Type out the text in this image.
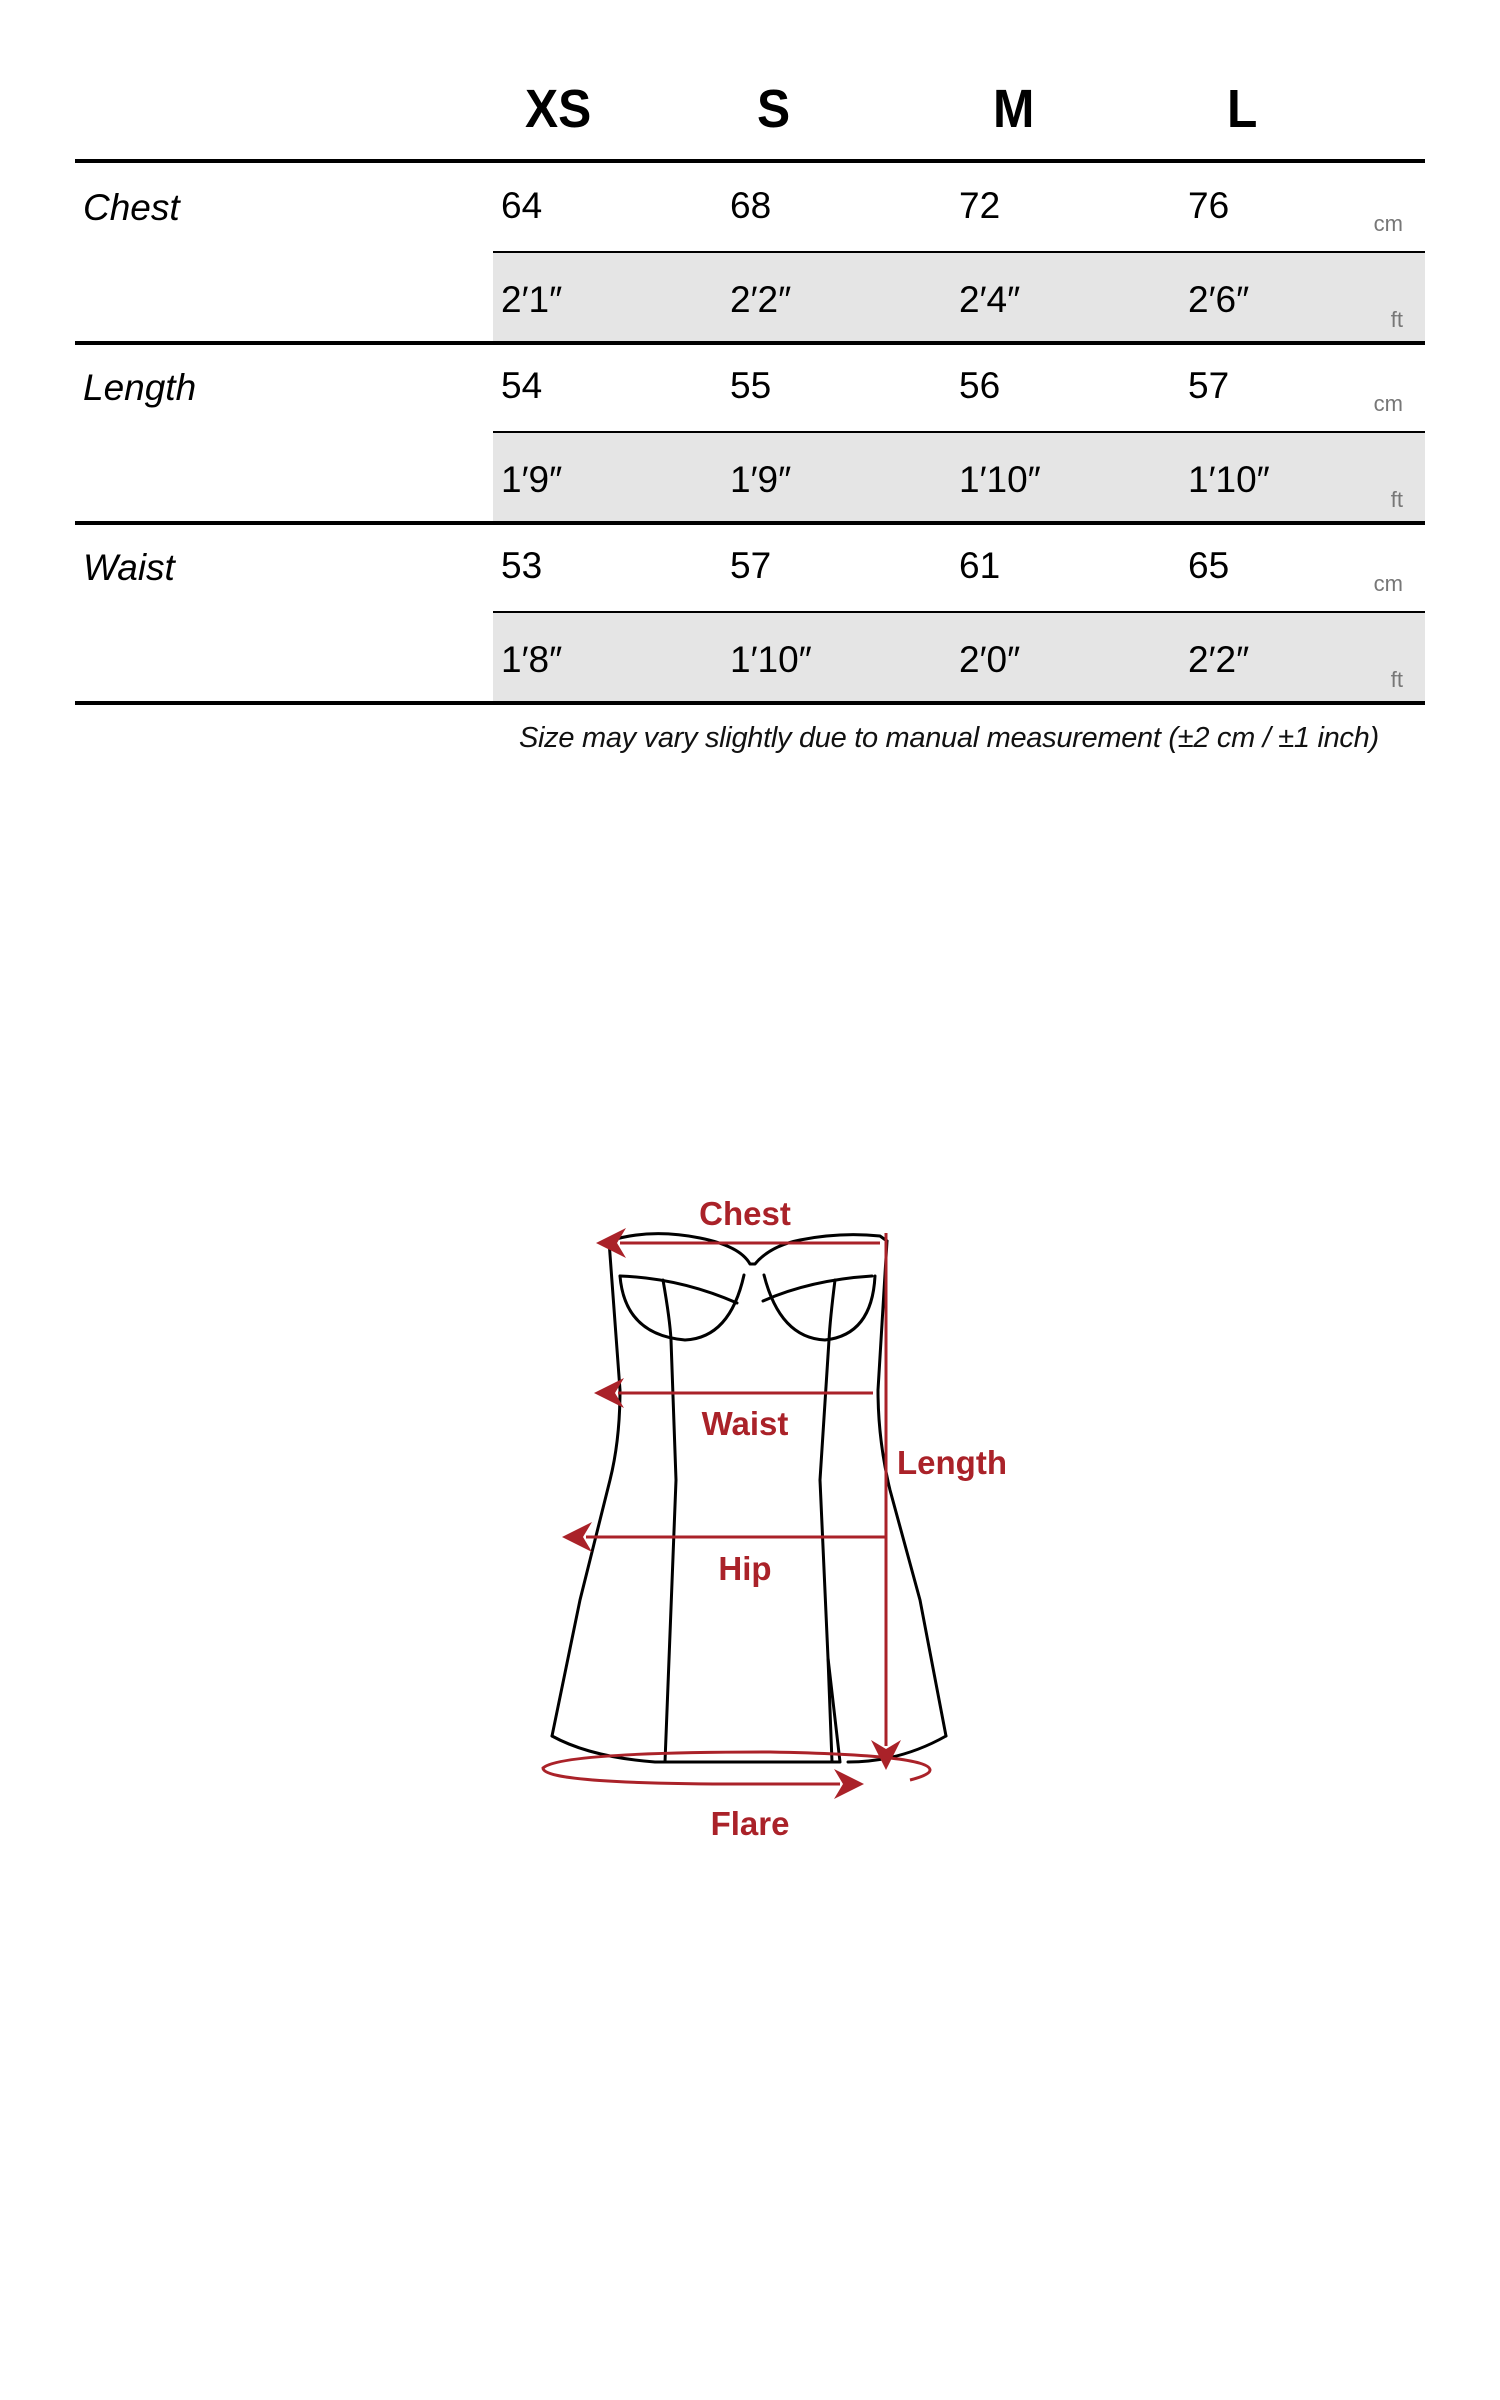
XS	S	M	L
Chest	64	68	72	76	cm
2′1″	2′2″	2′4″	2′6″	ft
Length	54	55	56	57	cm
1′9″	1′9″	1′10″	1′10″	ft
Waist	53	57	61	65	cm
1′8″	1′10″	2′0″	2′2″	ft
Size may vary slightly due to manual measurement (±2 cm / ±1 inch)
Chest
Waist
Hip
Length
Flare
